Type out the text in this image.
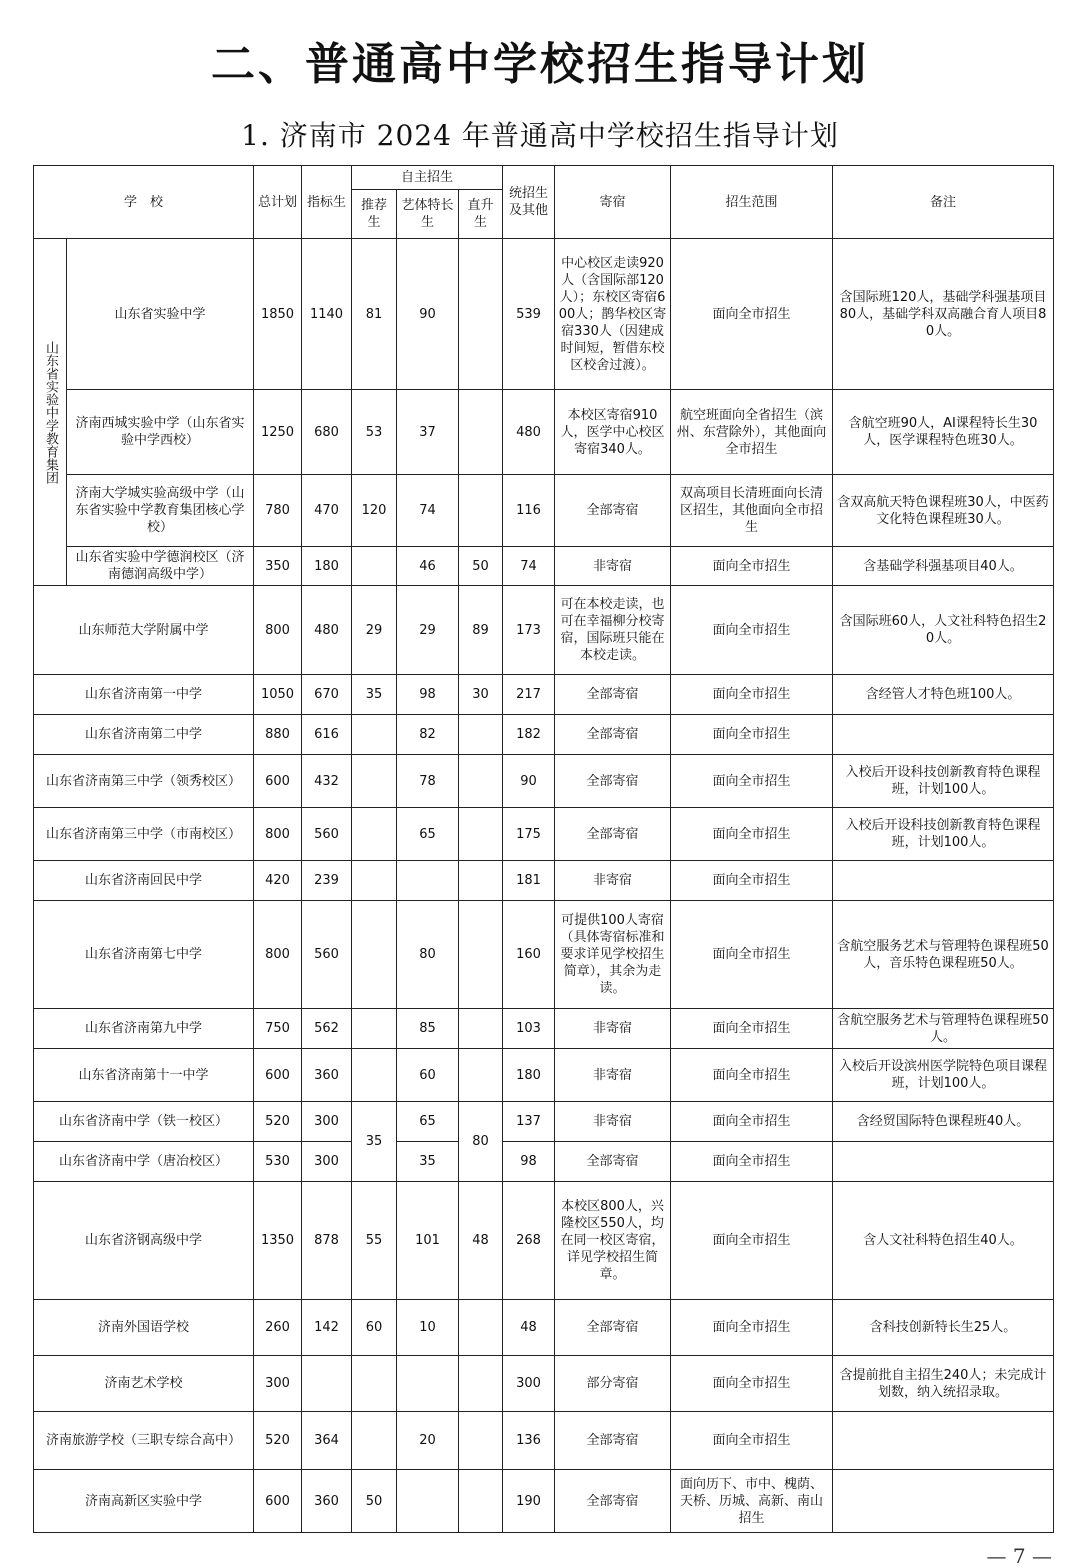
二、普通高中学校招生指导计划
1. 济南市 2024 年普通高中学校招生指导计划
学　校		总计划	指标生	自主招生			统招生及其他	寄宿	招生范围	备注
				推荐生	艺体特长生	直升生				
山东省实验中学教育集团	山东省实验中学	1850	1140	81	90		539	中心校区走读920人（含国际部120人）；东校区寄宿600人；鹊华校区寄宿330人（因建成时间短，暂借东校区校舍过渡）。	面向全市招生	含国际班120人，基础学科强基项目80人，基础学科双高融合育人项目80人。
	济南西城实验中学（山东省实验中学西校）	1250	680	53	37		480	本校区寄宿910人，医学中心校区寄宿340人。	航空班面向全省招生（滨州、东营除外），其他面向全市招生	含航空班90人，AI课程特长生30人，医学课程特色班30人。
	济南大学城实验高级中学（山东省实验中学教育集团核心学校）	780	470	120	74		116	全部寄宿	双高项目长清班面向长清区招生，其他面向全市招生	含双高航天特色课程班30人，中医药文化特色课程班30人。
	山东省实验中学德润校区（济南德润高级中学）	350	180		46	50	74	非寄宿	面向全市招生	含基础学科强基项目40人。
山东师范大学附属中学		800	480	29	29	89	173	可在本校走读，也可在幸福柳分校寄宿，国际班只能在本校走读。	面向全市招生	含国际班60人，人文社科特色招生20人。
山东省济南第一中学		1050	670	35	98	30	217	全部寄宿	面向全市招生	含经管人才特色班100人。
山东省济南第二中学		880	616		82		182	全部寄宿	面向全市招生	
山东省济南第三中学（领秀校区）		600	432		78		90	全部寄宿	面向全市招生	入校后开设科技创新教育特色课程班，计划100人。
山东省济南第三中学（市南校区）		800	560		65		175	全部寄宿	面向全市招生	入校后开设科技创新教育特色课程班，计划100人。
山东省济南回民中学		420	239				181	非寄宿	面向全市招生	
山东省济南第七中学		800	560		80		160	可提供100人寄宿（具体寄宿标准和要求详见学校招生简章），其余为走读。	面向全市招生	含航空服务艺术与管理特色课程班50人，音乐特色课程班50人。
山东省济南第九中学		750	562		85		103	非寄宿	面向全市招生	含航空服务艺术与管理特色课程班50人。
山东省济南第十一中学		600	360		60		180	非寄宿	面向全市招生	入校后开设滨州医学院特色项目课程班，计划100人。
山东省济南中学（铁一校区）		520	300	35	65	80	137	非寄宿	面向全市招生	含经贸国际特色课程班40人。
山东省济南中学（唐冶校区）		530	300		35		98	全部寄宿	面向全市招生	
山东省济钢高级中学		1350	878	55	101	48	268	本校区800人，兴隆校区550人，均在同一校区寄宿，详见学校招生简章。	面向全市招生	含人文社科特色招生40人。
济南外国语学校		260	142	60	10		48	全部寄宿	面向全市招生	含科技创新特长生25人。
济南艺术学校		300					300	部分寄宿	面向全市招生	含提前批自主招生240人；未完成计划数，纳入统招录取。
济南旅游学校（三职专综合高中）		520	364		20		136	全部寄宿	面向全市招生	
济南高新区实验中学		600	360	50			190	全部寄宿	面向历下、市中、槐荫、天桥、历城、高新、南山招生	
— 7 —
